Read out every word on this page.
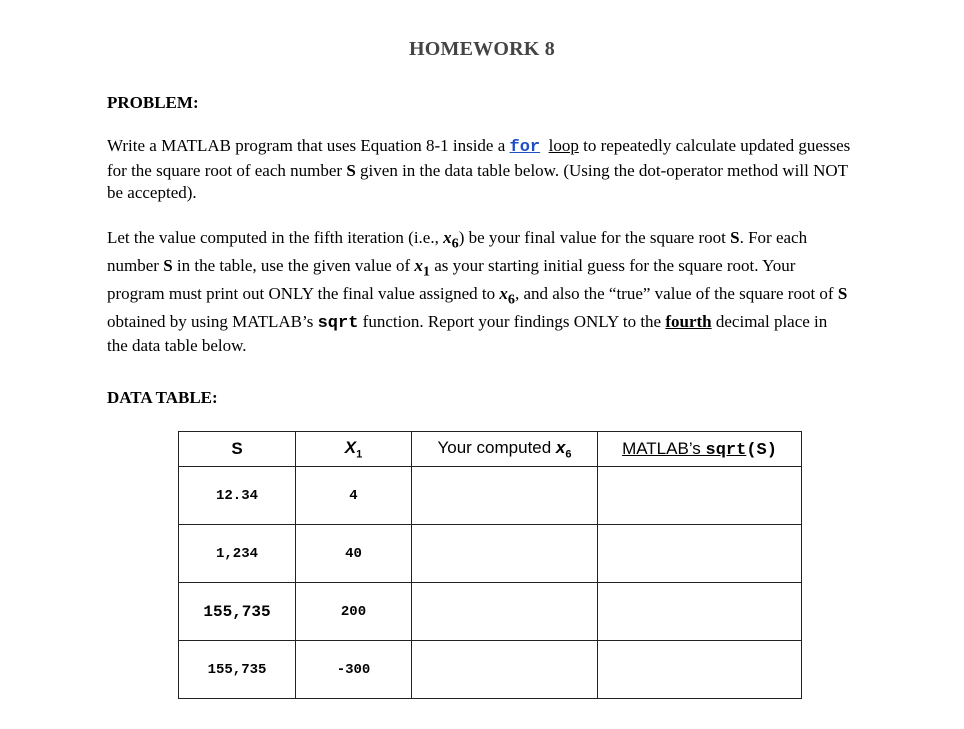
HOMEWORK 8
PROBLEM:
Write a MATLAB program that uses Equation 8-1 inside a for loop to repeatedly calculate updated guesses for the square root of each number S given in the data table below. (Using the dot-operator method will NOT be accepted).
Let the value computed in the fifth iteration (i.e., $x_6$) be your final value for the square root S. For each number S in the table, use the given value of $x_1$ as your starting initial guess for the square root. Your program must print out ONLY the final value assigned to $x_6$, and also the “true” value of the square root of S obtained by using MATLAB’s sqrt function. Report your findings ONLY to the fourth decimal place in the data table below.
DATA TABLE:
S	$X_1$	Your computed $x_6$	MATLAB’s sqrt(S)
12.34	4		
1,234	40		
155,735	200		
155,735	-300		
